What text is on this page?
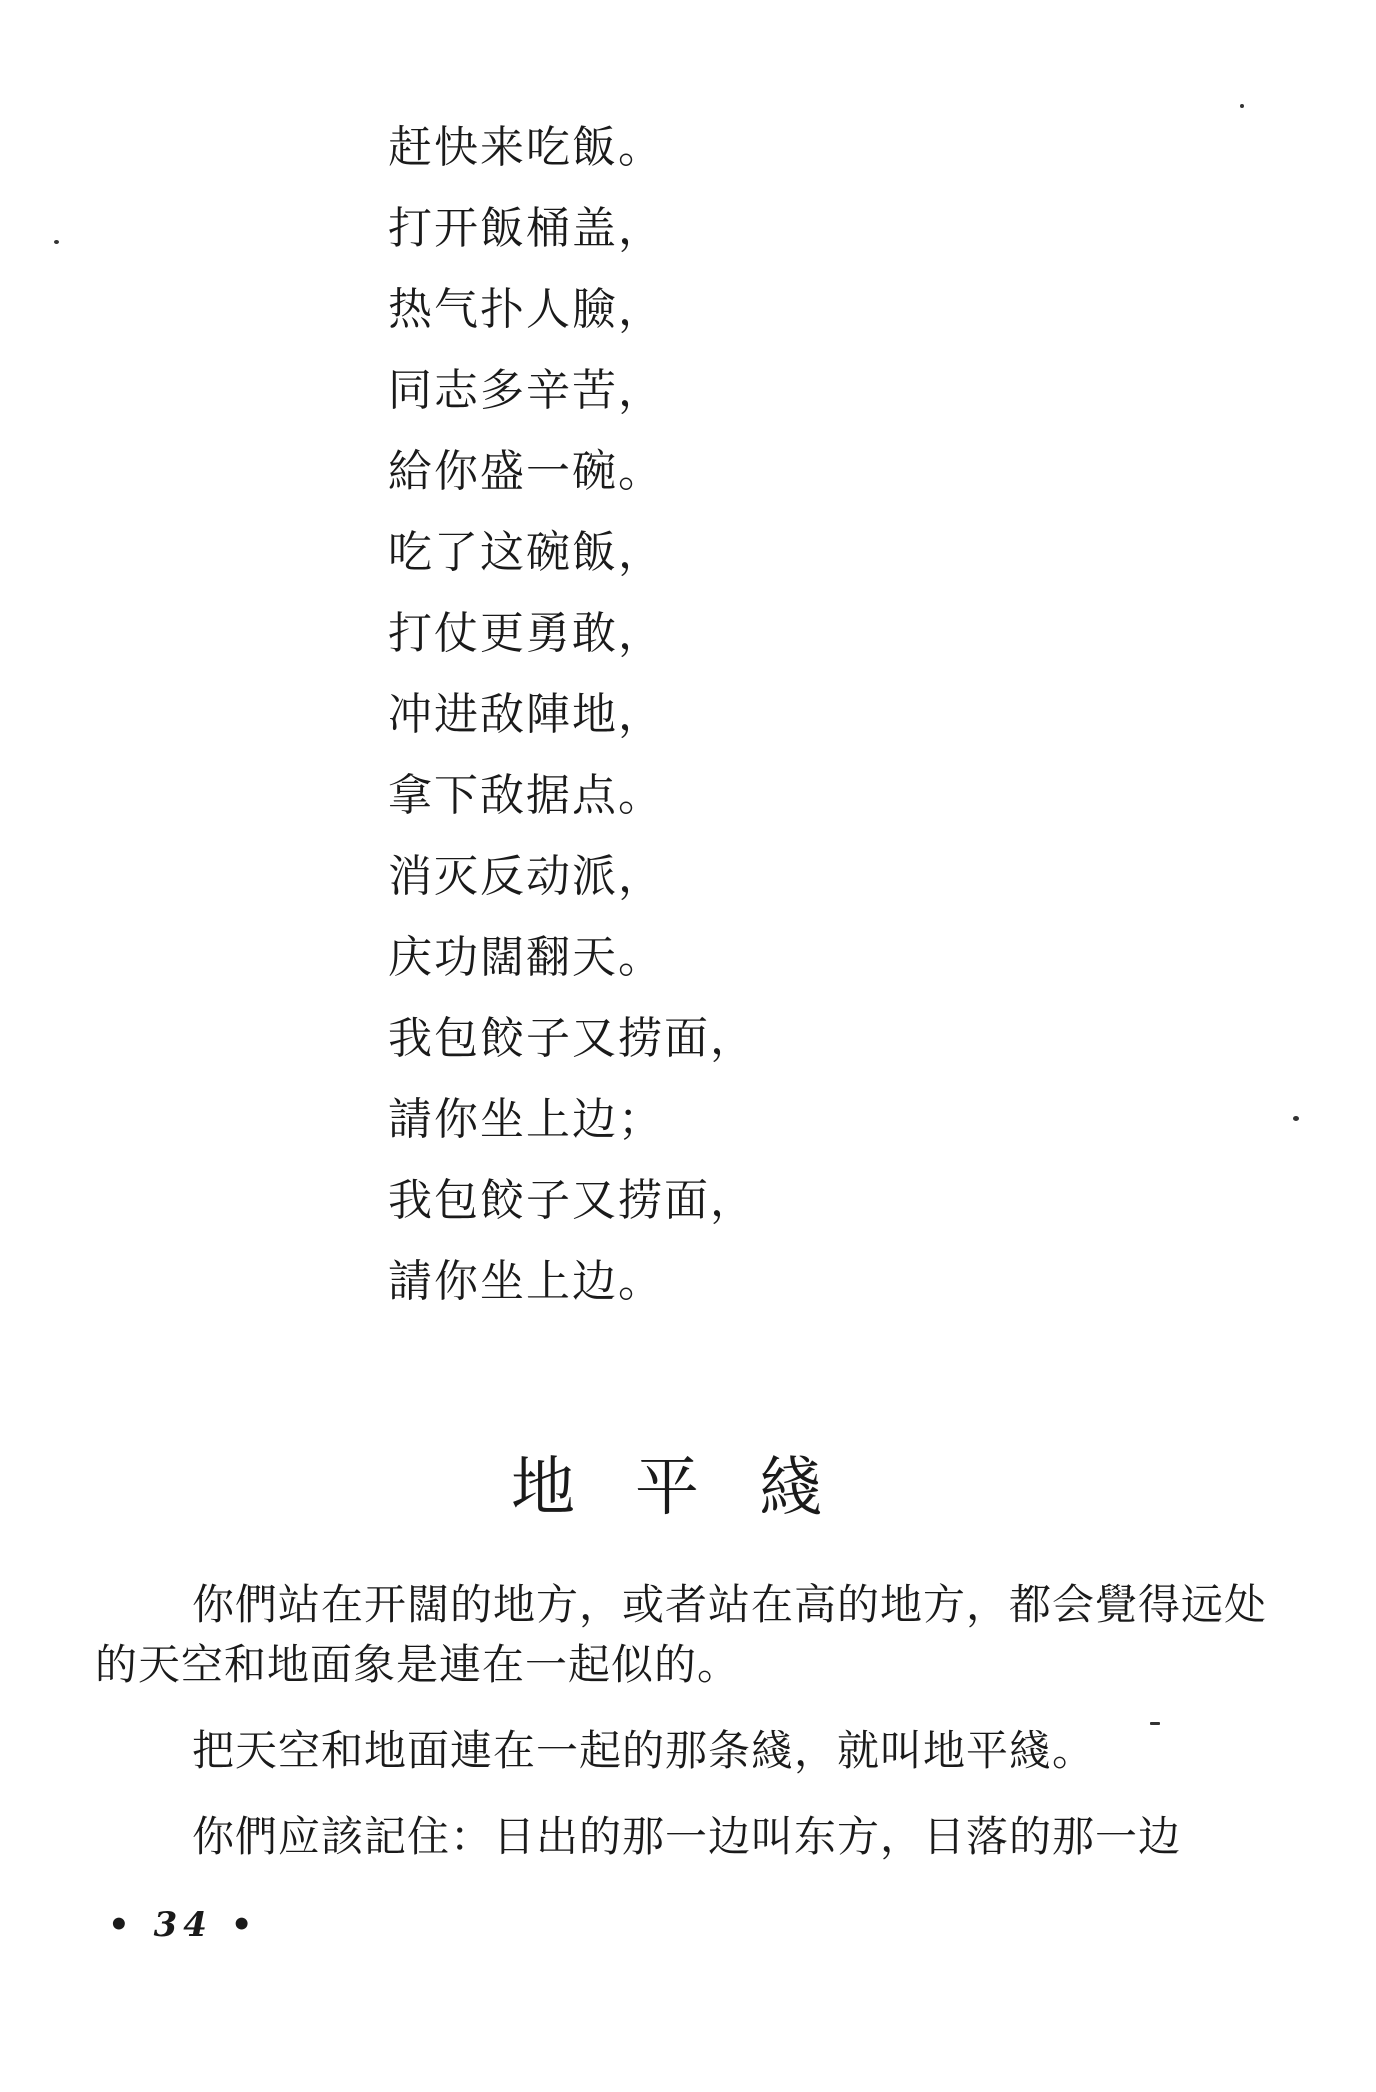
赶快来吃飯。
打开飯桶盖，
热气扑人臉，
同志多辛苦，
給你盛一碗。
吃了这碗飯，
打仗更勇敢，
冲进敌陣地，
拿下敌据点。
消灭反动派，
庆功闊翻天。
我包餃子又捞面，
請你坐上边；
我包餃子又捞面，
請你坐上边。
地平綫

你們站在开闊的地方，或者站在高的地方，都会覺得远处的天空和地面象是連在一起似的。

把天空和地面連在一起的那条綫，就叫地平綫。

你們应該記住：日出的那一边叫东方，日落的那一边

• 34 •
